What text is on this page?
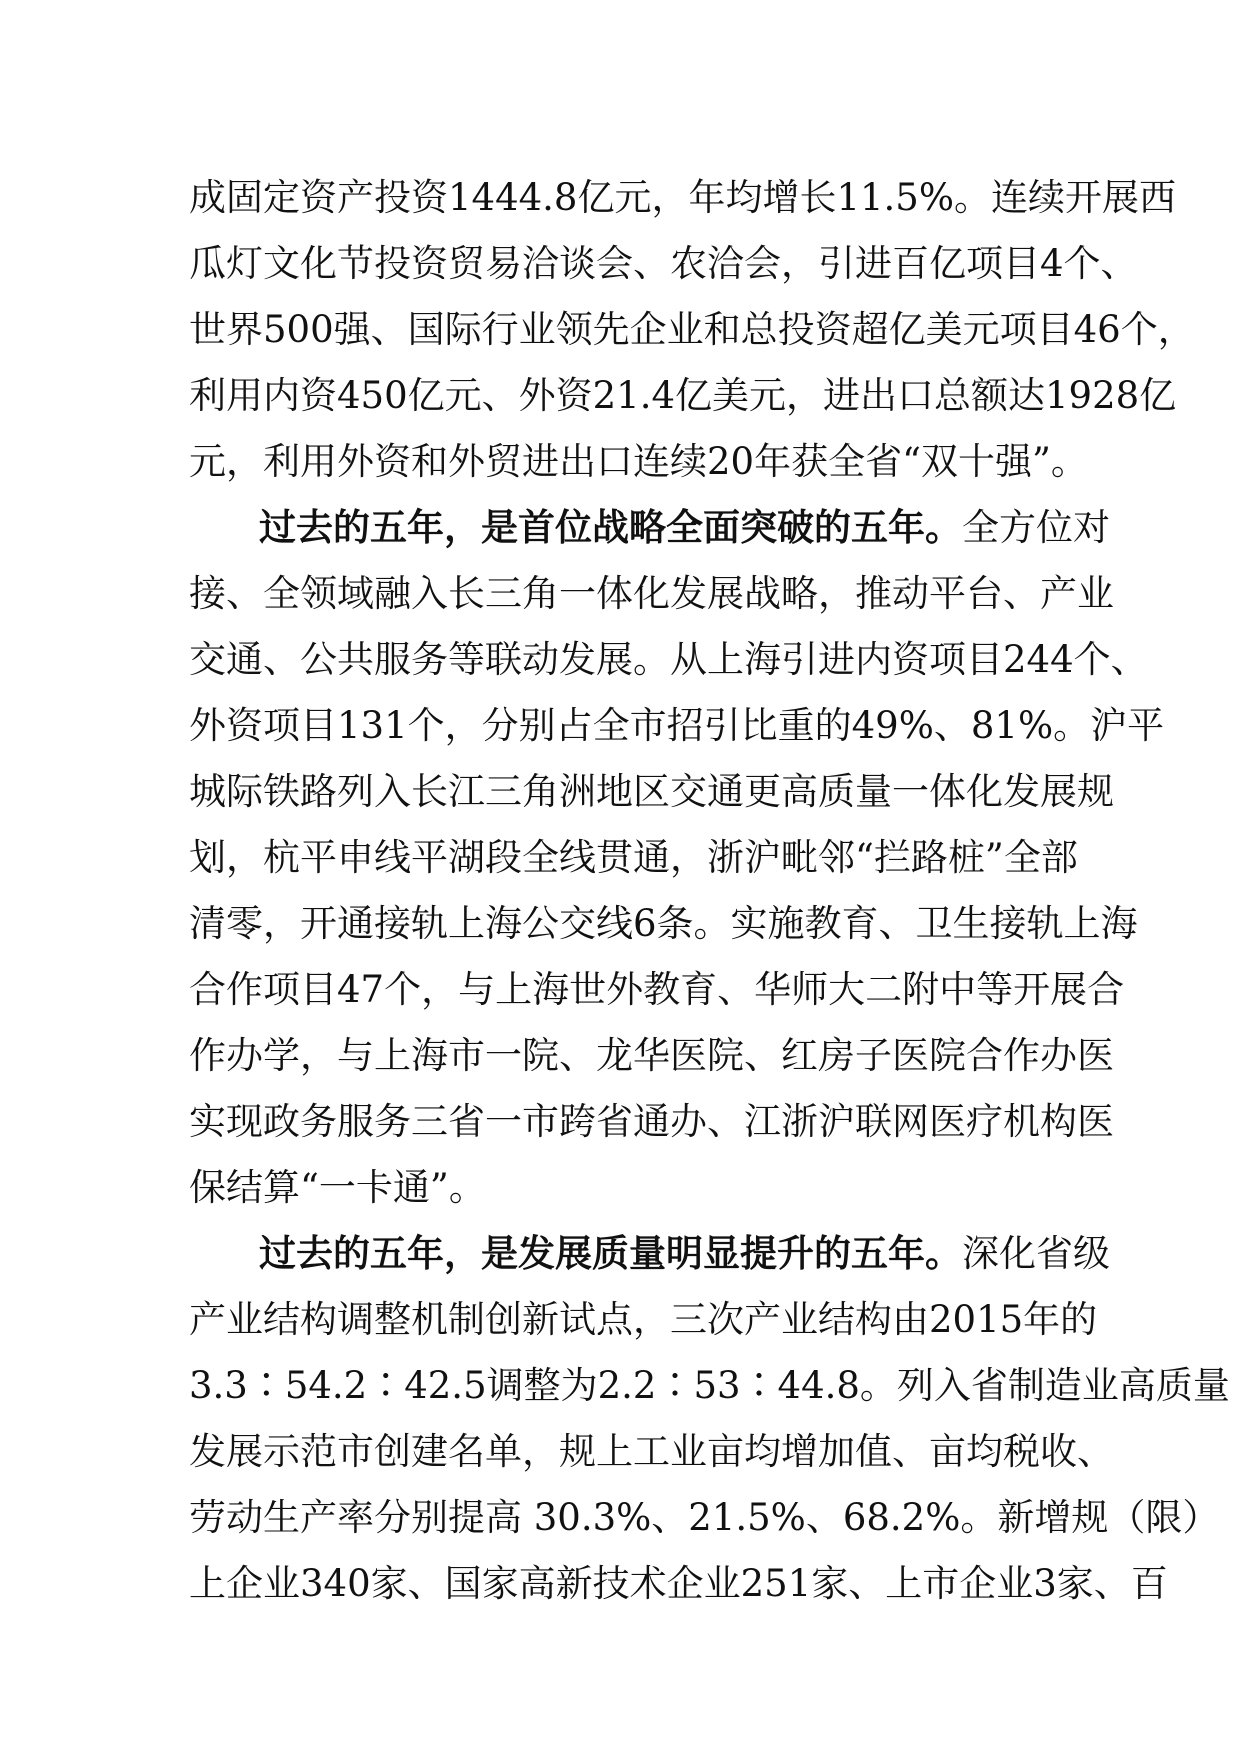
成固定资产投资1444.8亿元，年均增长11.5%。连续开展西
瓜灯文化节投资贸易洽谈会、农洽会，引进百亿项目4个、
世界500强、国际行业领先企业和总投资超亿美元项目46个，
利用内资450亿元、外资21.4亿美元，进出口总额达1928亿
元，利用外资和外贸进出口连续20年获全省“双十强”。
过去的五年，是首位战略全面突破的五年。全方位对
接、全领域融入长三角一体化发展战略，推动平台、产业
交通、公共服务等联动发展。从上海引进内资项目244个、
外资项目131个，分别占全市招引比重的49%、81%。沪平
城际铁路列入长江三角洲地区交通更高质量一体化发展规
划，杭平申线平湖段全线贯通，浙沪毗邻“拦路桩”全部
清零，开通接轨上海公交线6条。实施教育、卫生接轨上海
合作项目47个，与上海世外教育、华师大二附中等开展合
作办学，与上海市一院、龙华医院、红房子医院合作办医
实现政务服务三省一市跨省通办、江浙沪联网医疗机构医
保结算“一卡通”。
过去的五年，是发展质量明显提升的五年。深化省级
产业结构调整机制创新试点，三次产业结构由2015年的
3.3∶54.2∶42.5调整为2.2∶53∶44.8。列入省制造业高质量
发展示范市创建名单，规上工业亩均增加值、亩均税收、
劳动生产率分别提高 30.3%、21.5%、68.2%。新增规（限）
上企业340家、国家高新技术企业251家、上市企业3家、百
